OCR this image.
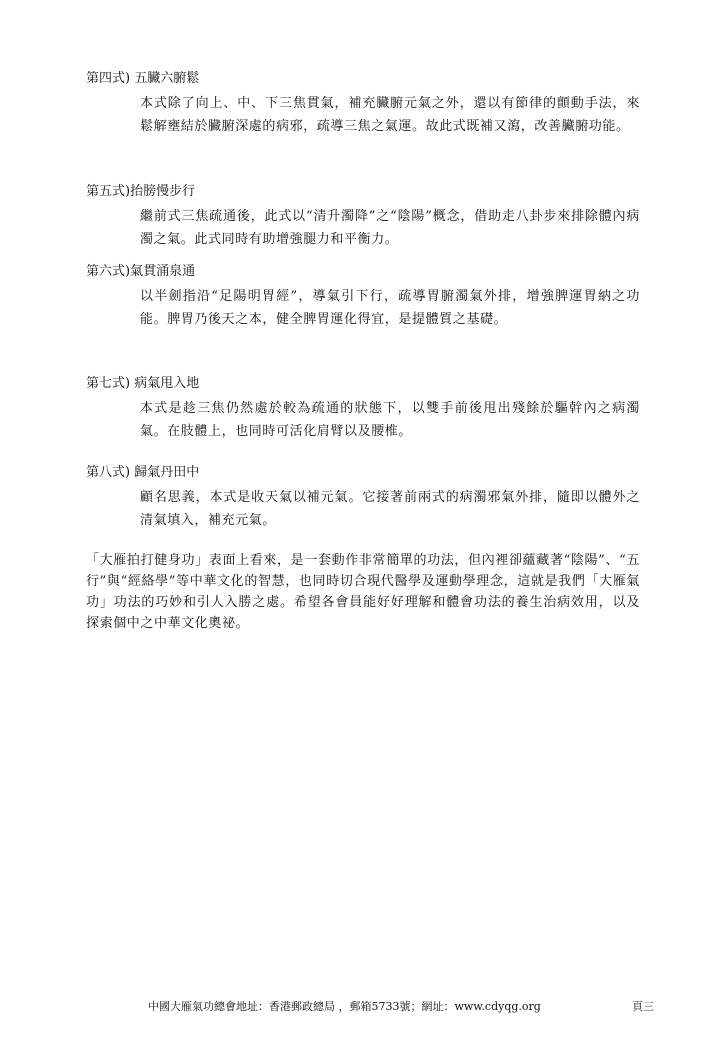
第四式) 五臟六腑鬆

本式除了向上、中、下三焦貫氣，補充臟腑元氣之外，還以有節律的顫動手法，來鬆解壅結於臟腑深處的病邪，疏導三焦之氣運。故此式既補又瀉，改善臟腑功能。

第五式)抬膀慢步行

繼前式三焦疏通後，此式以“清升濁降”之“陰陽”概念，借助走八卦步來排除體內病濁之氣。此式同時有助增強腿力和平衡力。

第六式)氣貫涌泉通

以半劍指沿“足陽明胃經”，導氣引下行，疏導胃腑濁氣外排，增強脾運胃納之功能。脾胃乃後天之本，健全脾胃運化得宜，是提體質之基礎。

第七式) 病氣甩入地

本式是趁三焦仍然處於較為疏通的狀態下，以雙手前後甩出殘餘於驅幹內之病濁氣。在肢體上，也同時可活化肩臂以及腰椎。

第八式) 歸氣丹田中

顧名思義，本式是收天氣以補元氣。它接著前兩式的病濁邪氣外排，隨即以體外之清氣填入，補充元氣。

「大雁拍打健身功」表面上看來，是一套動作非常簡單的功法，但內裡卻蘊藏著“陰陽”、“五行”與“經絡學”等中華文化的智慧，也同時切合現代醫學及運動學理念，這就是我們「大雁氣功」功法的巧妙和引人入勝之處。希望各會員能好好理解和體會功法的養生治病效用，以及探索個中之中華文化奧祕。

中國大雁氣功總會地址：香港郵政總局 ，郵箱5733號；網址：www.cdyqg.org	頁三
